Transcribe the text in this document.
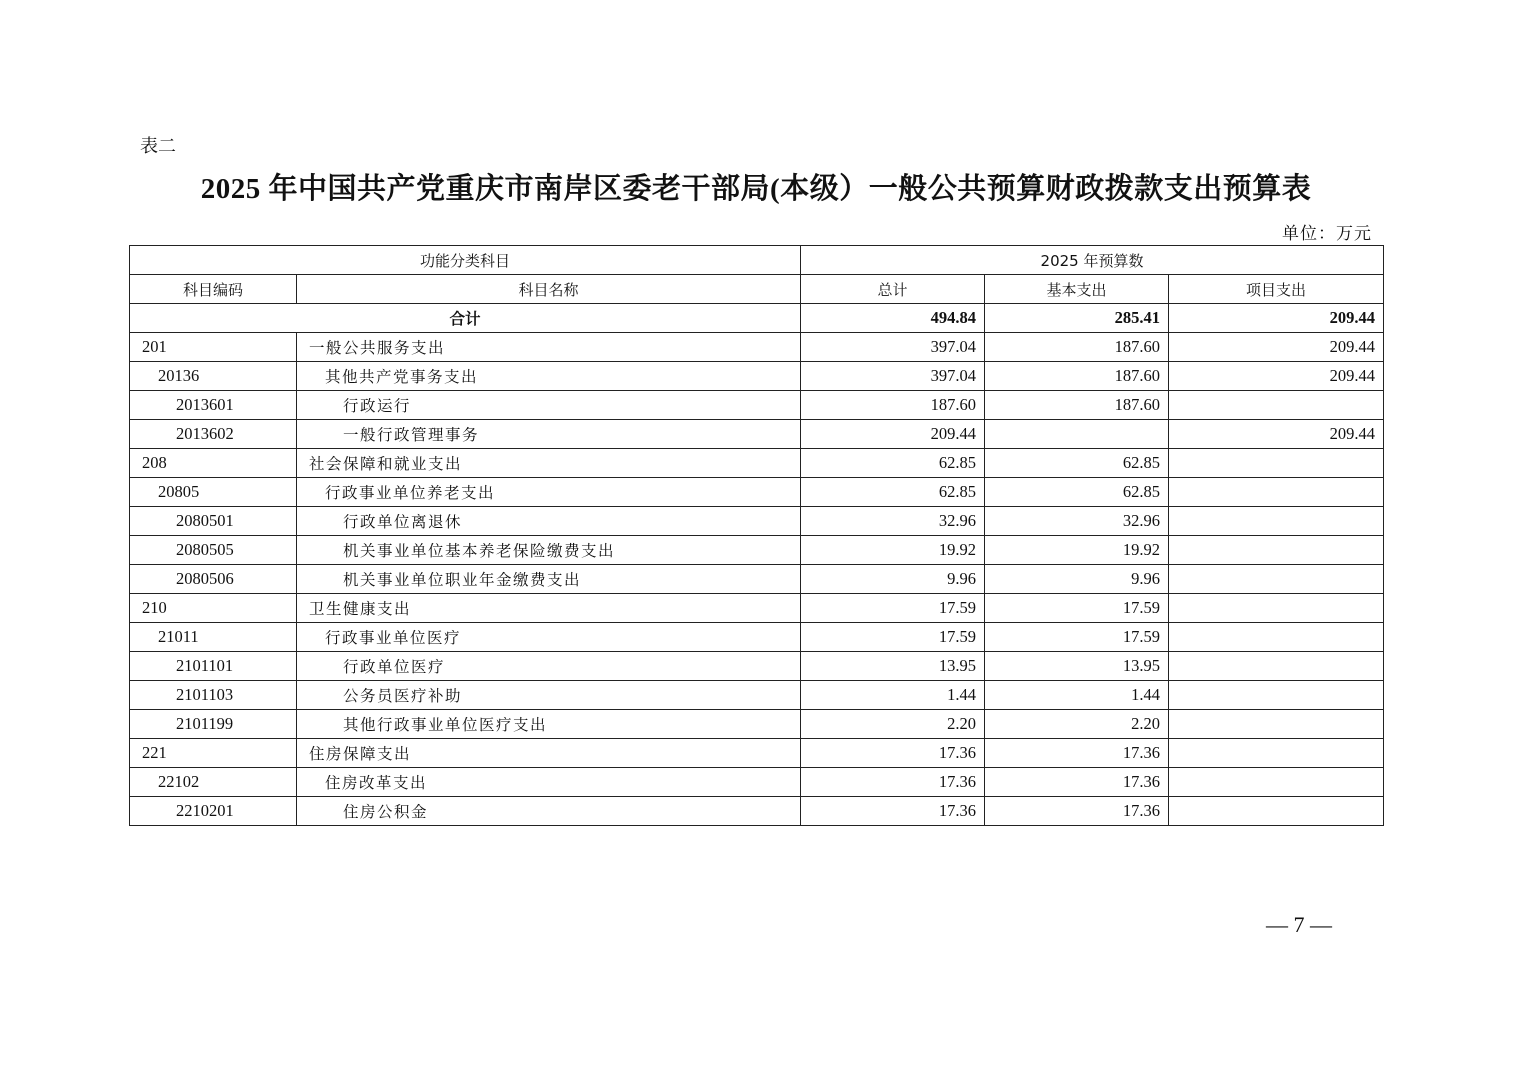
表二
2025 年中国共产党重庆市南岸区委老干部局(本级）一般公共预算财政拨款支出预算表
单位：万元
功能分类科目		2025 年预算数		
科目编码	科目名称	总计	基本支出	项目支出
合计		494.84	285.41	209.44
201	一般公共服务支出	397.04	187.60	209.44
20136	其他共产党事务支出	397.04	187.60	209.44
2013601	行政运行	187.60	187.60	
2013602	一般行政管理事务	209.44		209.44
208	社会保障和就业支出	62.85	62.85	
20805	行政事业单位养老支出	62.85	62.85	
2080501	行政单位离退休	32.96	32.96	
2080505	机关事业单位基本养老保险缴费支出	19.92	19.92	
2080506	机关事业单位职业年金缴费支出	9.96	9.96	
210	卫生健康支出	17.59	17.59	
21011	行政事业单位医疗	17.59	17.59	
2101101	行政单位医疗	13.95	13.95	
2101103	公务员医疗补助	1.44	1.44	
2101199	其他行政事业单位医疗支出	2.20	2.20	
221	住房保障支出	17.36	17.36	
22102	住房改革支出	17.36	17.36	
2210201	住房公积金	17.36	17.36	
— 7 —
